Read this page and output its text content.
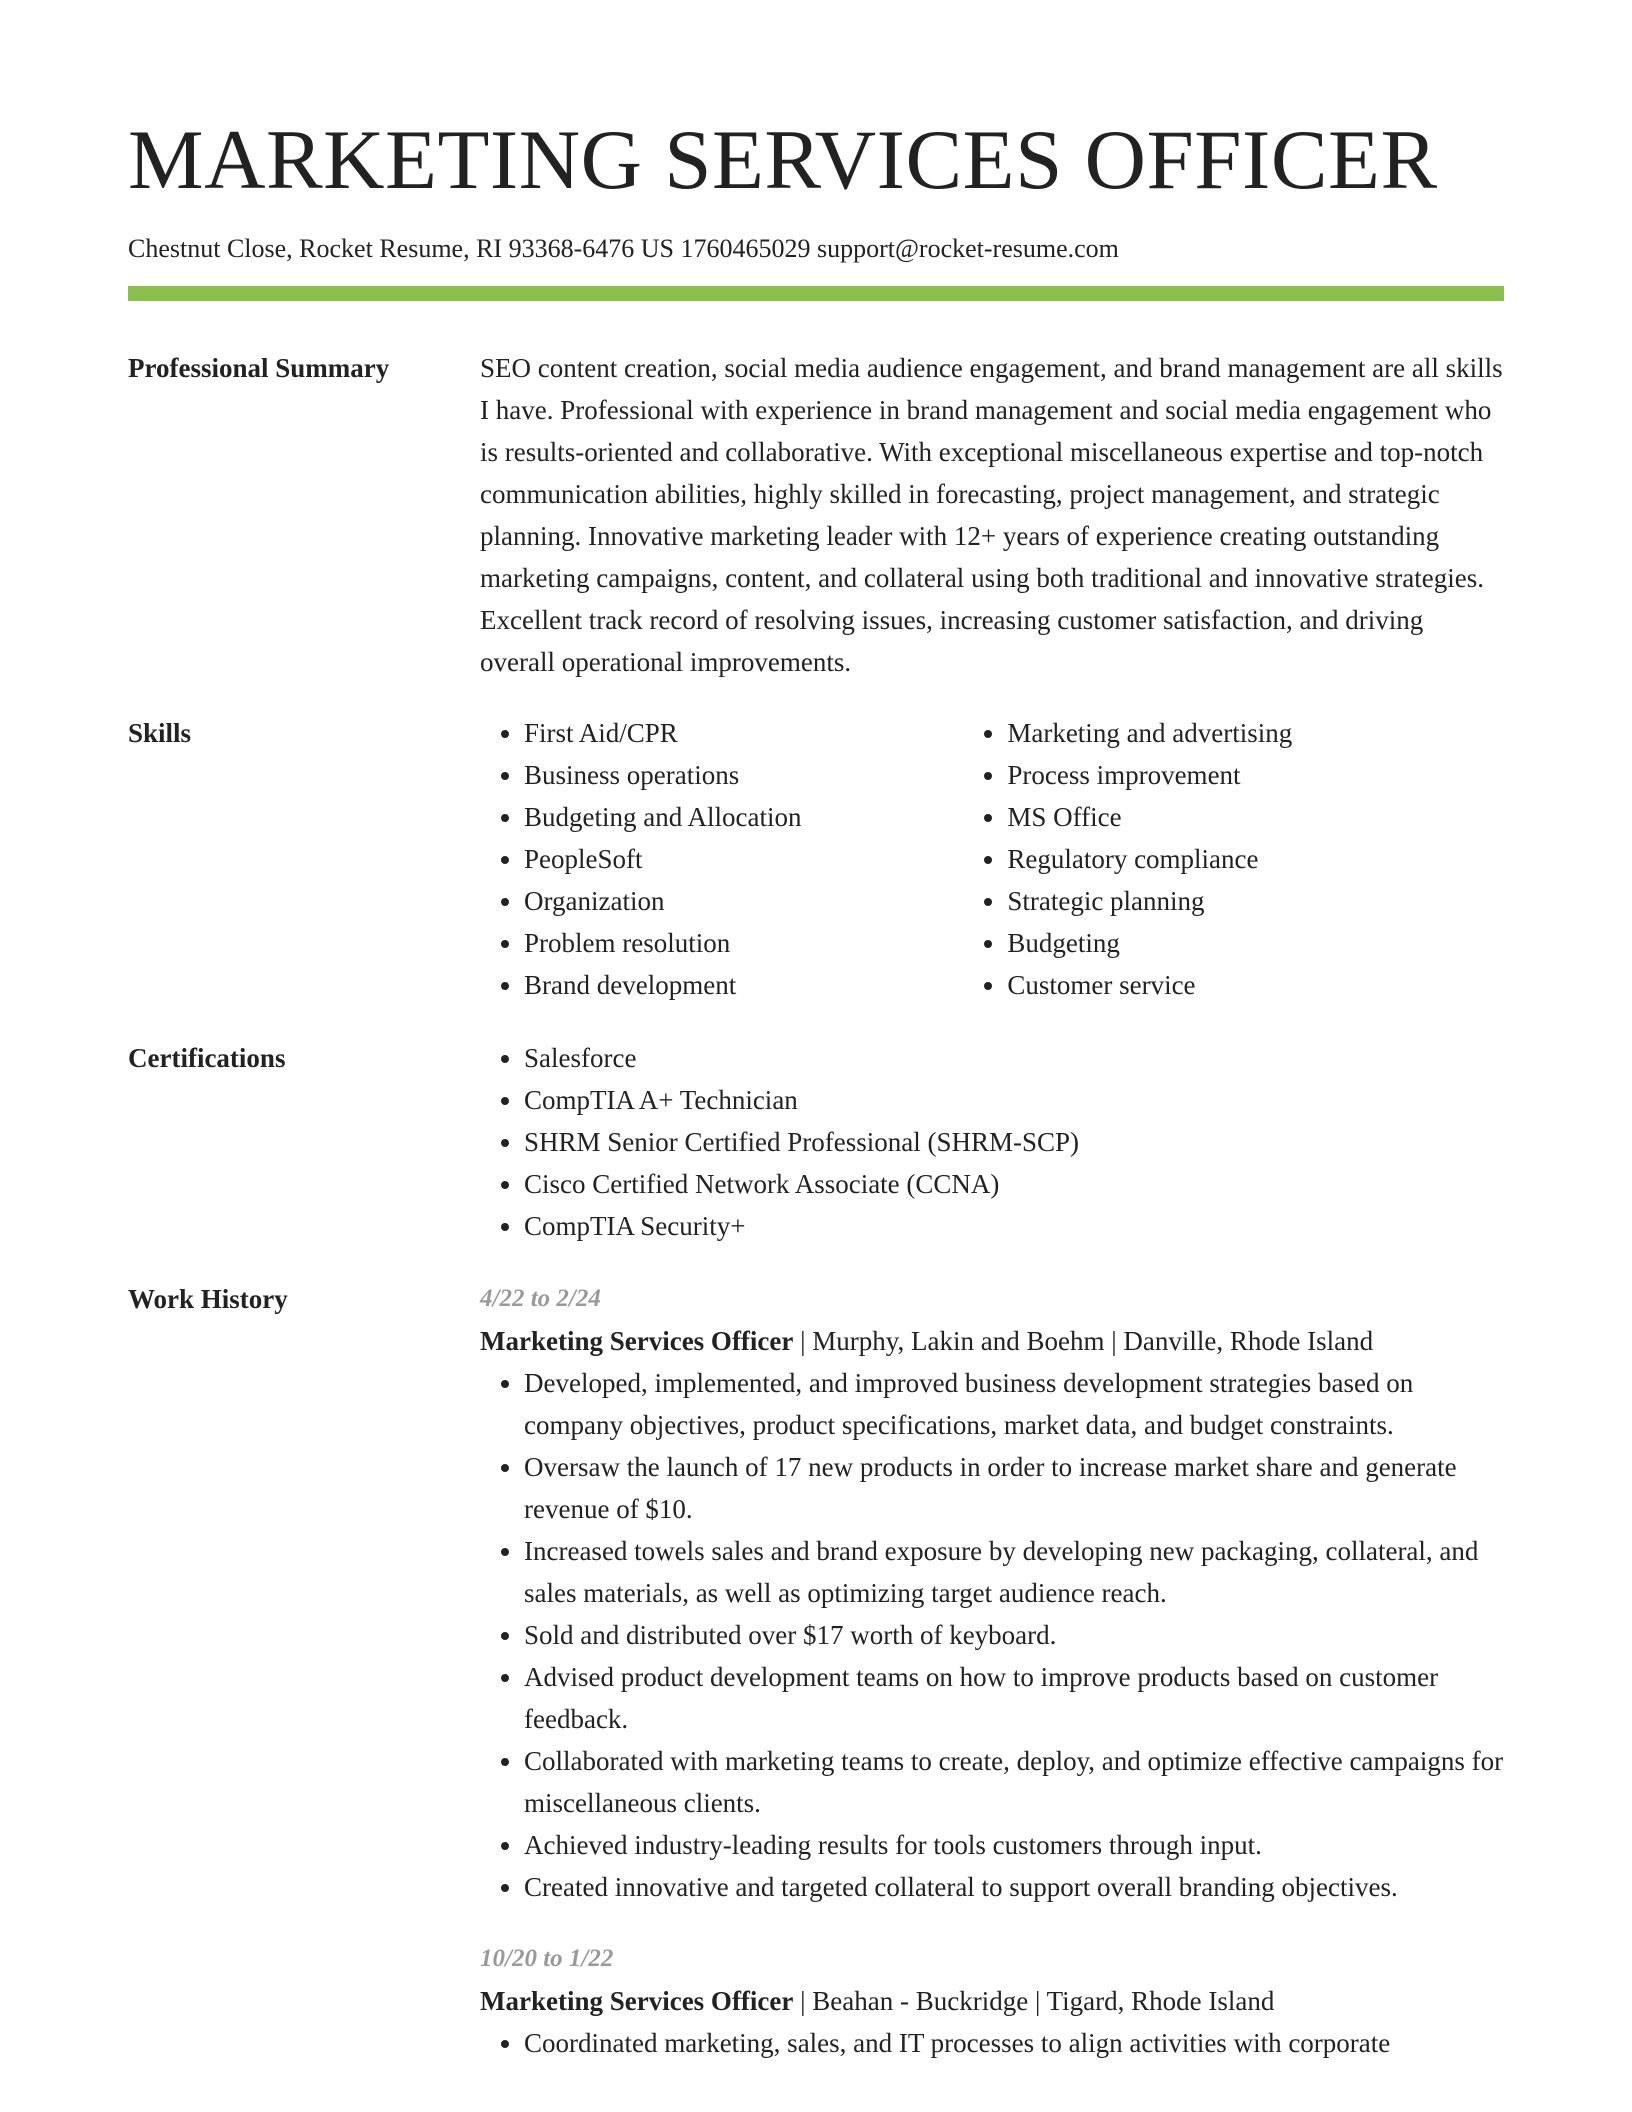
MARKETING SERVICES OFFICER
Chestnut Close, Rocket Resume, RI 93368-6476 US 1760465029 support@rocket-resume.com
Professional Summary	SEO content creation, social media audience engagement, and brand management are all skills I have. Professional with experience in brand management and social media engagement who is results-oriented and collaborative. With exceptional miscellaneous expertise and top-notch communication abilities, highly skilled in forecasting, project management, and strategic planning. Innovative marketing leader with 12+ years of experience creating outstanding marketing campaigns, content, and collateral using both traditional and innovative strategies. Excellent track record of resolving issues, increasing customer satisfaction, and driving overall operational improvements.

Skills	• First Aid/CPR
• Business operations
• Budgeting and Allocation
• PeopleSoft
• Organization
• Problem resolution
• Brand development
• Marketing and advertising
• Process improvement
• MS Office
• Regulatory compliance
• Strategic planning
• Budgeting
• Customer service
Certifications	• Salesforce
• CompTIA A+ Technician
• SHRM Senior Certified Professional (SHRM-SCP)
• Cisco Certified Network Associate (CCNA)
• CompTIA Security+
Work History	4/22 to 2/24
Marketing Services Officer | Murphy, Lakin and Boehm | Danville, Rhode Island
• Developed, implemented, and improved business development strategies based on company objectives, product specifications, market data, and budget constraints.
• Oversaw the launch of 17 new products in order to increase market share and generate revenue of $10.
• Increased towels sales and brand exposure by developing new packaging, collateral, and sales materials, as well as optimizing target audience reach.
• Sold and distributed over $17 worth of keyboard.
• Advised product development teams on how to improve products based on customer feedback.
• Collaborated with marketing teams to create, deploy, and optimize effective campaigns for miscellaneous clients.
• Achieved industry-leading results for tools customers through input.
• Created innovative and targeted collateral to support overall branding objectives.
10/20 to 1/22
Marketing Services Officer | Beahan - Buckridge | Tigard, Rhode Island
• Coordinated marketing, sales, and IT processes to align activities with corporate
